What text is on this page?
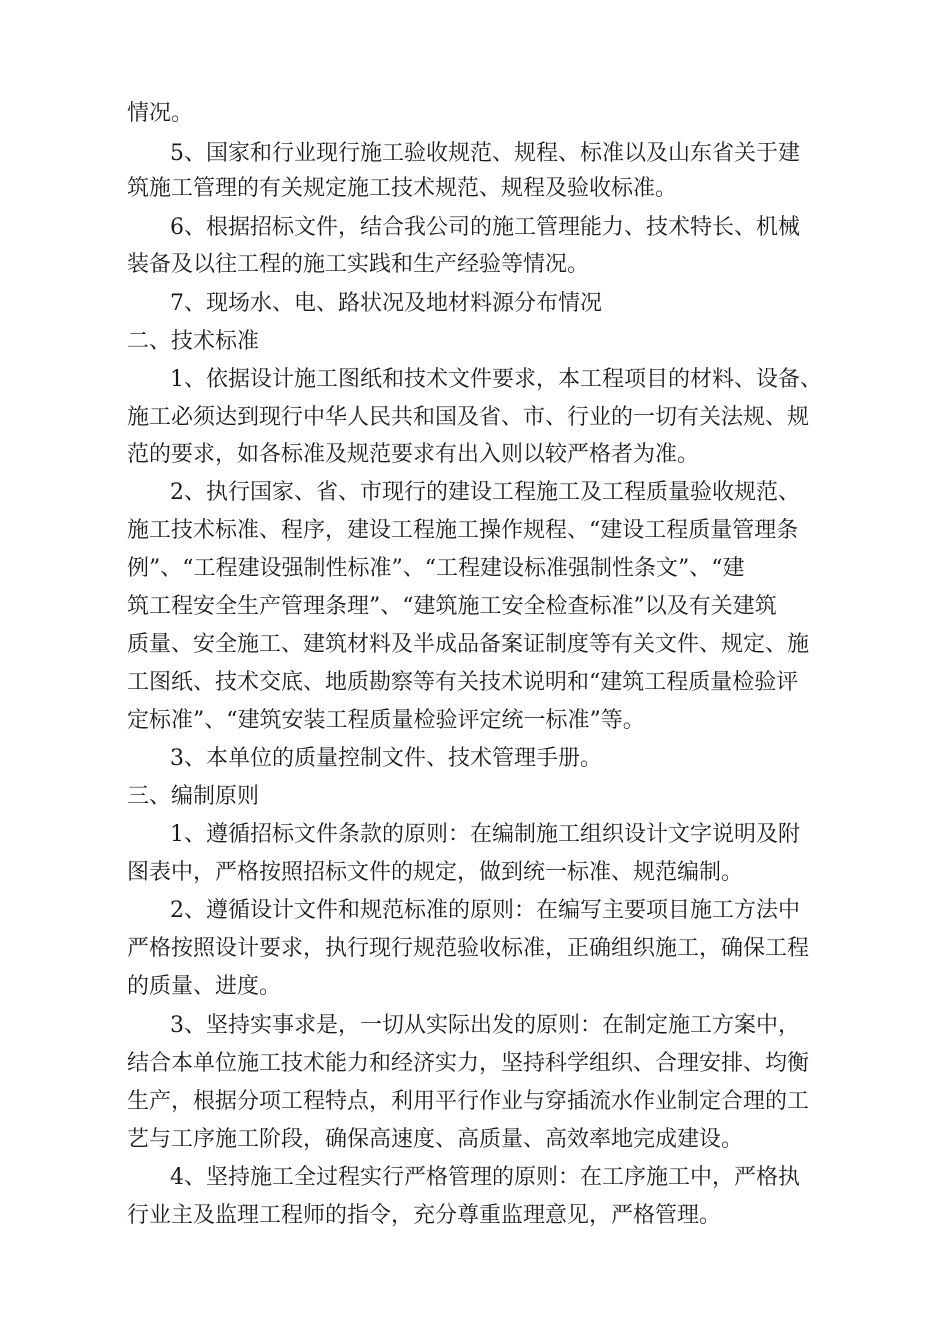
情况。
5、国家和行业现行施工验收规范、规程、标准以及山东省关于建
筑施工管理的有关规定施工技术规范、规程及验收标准。
6、根据招标文件，结合我公司的施工管理能力、技术特长、机械
装备及以往工程的施工实践和生产经验等情况。
7、现场水、电、路状况及地材料源分布情况
二、技术标准
1、依据设计施工图纸和技术文件要求，本工程项目的材料、设备、
施工必须达到现行中华人民共和国及省、市、行业的一切有关法规、规
范的要求，如各标准及规范要求有出入则以较严格者为准。
2、执行国家、省、市现行的建设工程施工及工程质量验收规范、
施工技术标准、程序，建设工程施工操作规程、“建设工程质量管理条
例”、“工程建设强制性标准”、“工程建设标准强制性条文”、“建
筑工程安全生产管理条理”、“建筑施工安全检查标准”以及有关建筑
质量、安全施工、建筑材料及半成品备案证制度等有关文件、规定、施
工图纸、技术交底、地质勘察等有关技术说明和“建筑工程质量检验评
定标准”、“建筑安装工程质量检验评定统一标准”等。
3、本单位的质量控制文件、技术管理手册。
三、编制原则
1、遵循招标文件条款的原则：在编制施工组织设计文字说明及附
图表中，严格按照招标文件的规定，做到统一标准、规范编制。
2、遵循设计文件和规范标准的原则：在编写主要项目施工方法中
严格按照设计要求，执行现行规范验收标准，正确组织施工，确保工程
的质量、进度。
3、坚持实事求是，一切从实际出发的原则：在制定施工方案中，
结合本单位施工技术能力和经济实力，坚持科学组织、合理安排、均衡
生产，根据分项工程特点，利用平行作业与穿插流水作业制定合理的工
艺与工序施工阶段，确保高速度、高质量、高效率地完成建设。
4、坚持施工全过程实行严格管理的原则：在工序施工中，严格执
行业主及监理工程师的指令，充分尊重监理意见，严格管理。
